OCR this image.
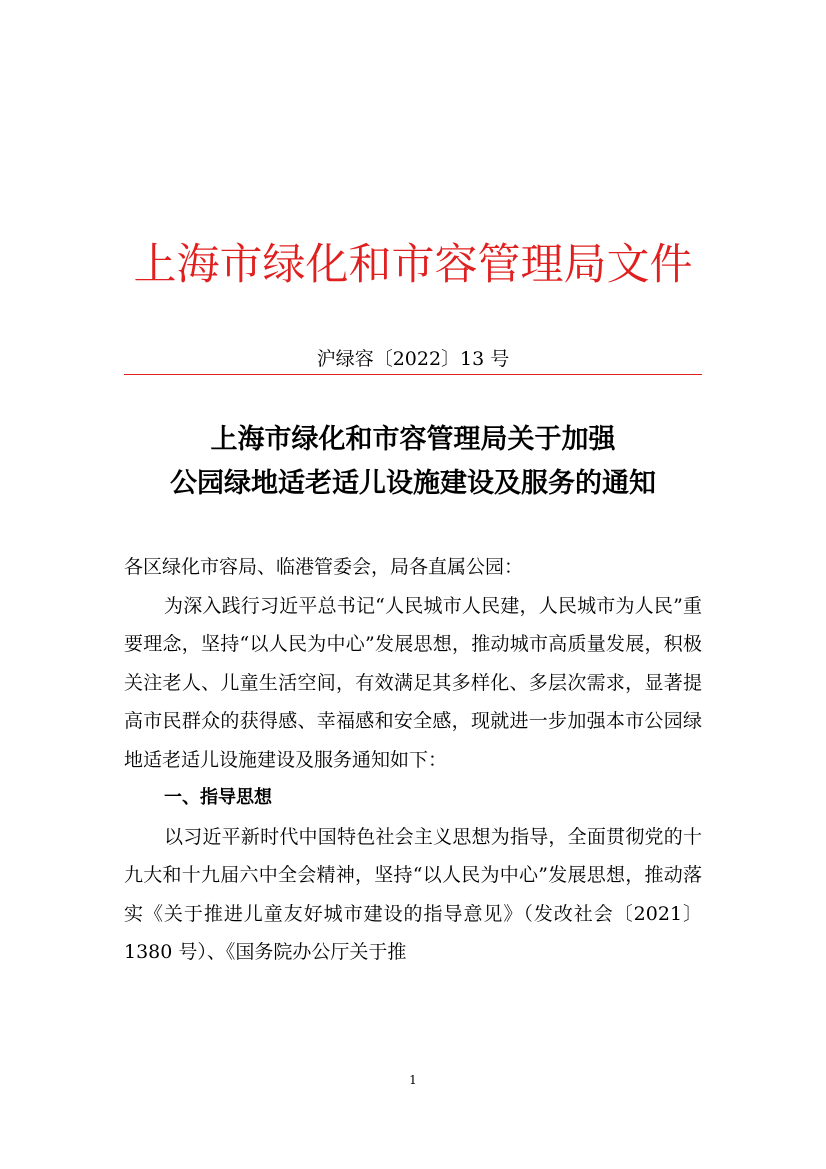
上海市绿化和市容管理局文件
沪绿容〔2022〕13 号
上海市绿化和市容管理局关于加强
公园绿地适老适儿设施建设及服务的通知

各区绿化市容局、临港管委会，局各直属公园：

为深入践行习近平总书记“人民城市人民建，人民城市为人民”重要理念，坚持“以人民为中心”发展思想，推动城市高质量发展，积极关注老人、儿童生活空间，有效满足其多样化、多层次需求，显著提高市民群众的获得感、幸福感和安全感，现就进一步加强本市公园绿地适老适儿设施建设及服务通知如下：

一、指导思想

以习近平新时代中国特色社会主义思想为指导，全面贯彻党的十九大和十九届六中全会精神，坚持“以人民为中心”发展思想，推动落实《关于推进儿童友好城市建设的指导意见》（发改社会〔2021〕1380 号）、《国务院办公厅关于推

1
